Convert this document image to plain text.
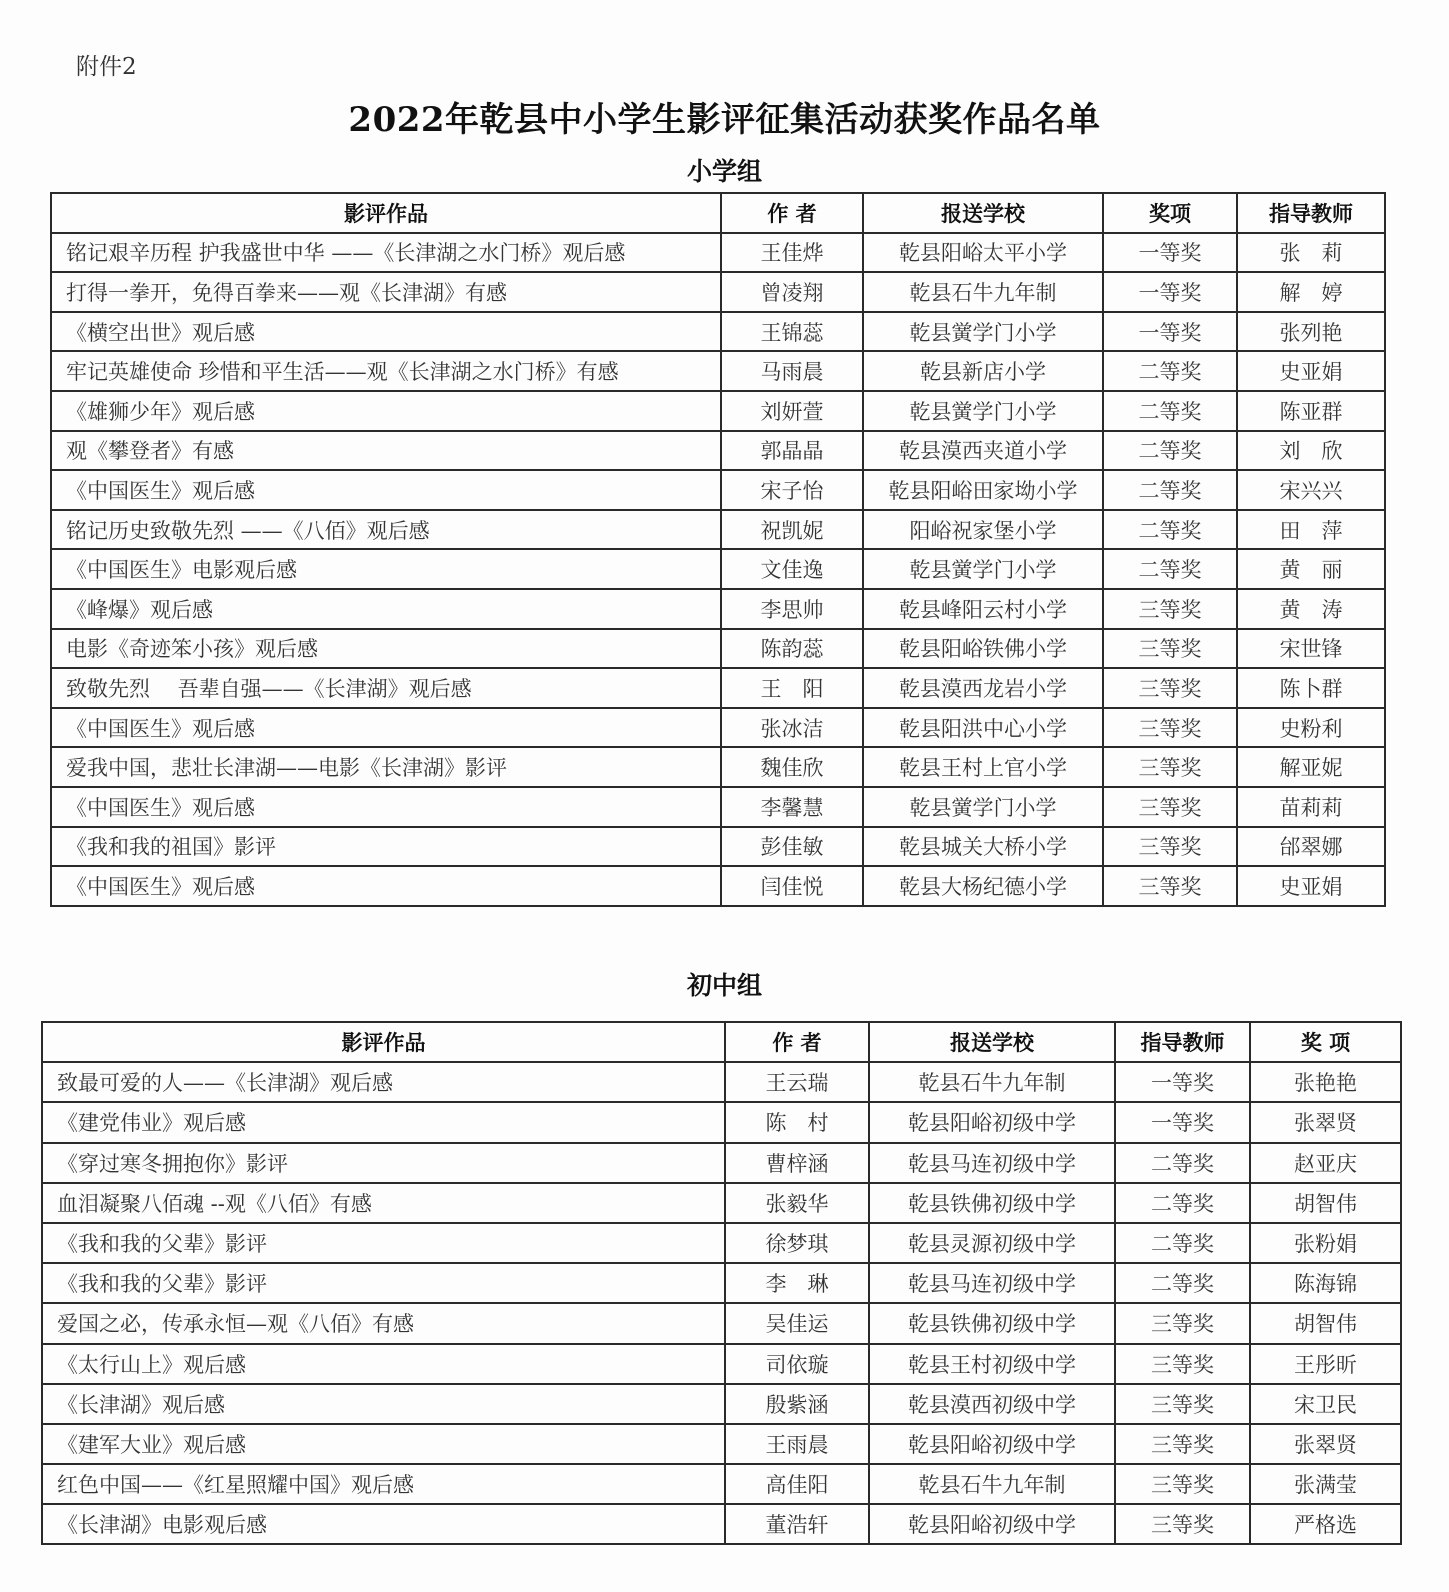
附件2
2022年乾县中小学生影评征集活动获奖作品名单
小学组
影评作品	作 者	报送学校	奖项	指导教师
铭记艰辛历程 护我盛世中华 ——《长津湖之水门桥》观后感	王佳烨	乾县阳峪太平小学	一等奖	张　莉
打得一拳开，免得百拳来——观《长津湖》有感	曾凌翔	乾县石牛九年制	一等奖	解　婷
《横空出世》观后感	王锦蕊	乾县黉学门小学	一等奖	张列艳
牢记英雄使命 珍惜和平生活——观《长津湖之水门桥》有感	马雨晨	乾县新店小学	二等奖	史亚娟
《雄狮少年》观后感	刘妍萱	乾县黉学门小学	二等奖	陈亚群
观《攀登者》有感	郭晶晶	乾县漠西夹道小学	二等奖	刘　欣
《中国医生》观后感	宋子怡	乾县阳峪田家坳小学	二等奖	宋兴兴
铭记历史致敬先烈 ——《八佰》观后感	祝凯妮	阳峪祝家堡小学	二等奖	田　萍
《中国医生》电影观后感	文佳逸	乾县黉学门小学	二等奖	黄　丽
《峰爆》观后感	李思帅	乾县峰阳云村小学	三等奖	黄　涛
电影《奇迹笨小孩》观后感	陈韵蕊	乾县阳峪铁佛小学	三等奖	宋世锋
致敬先烈　 吾辈自强——《长津湖》观后感	王　阳	乾县漠西龙岩小学	三等奖	陈卜群
《中国医生》观后感	张冰洁	乾县阳洪中心小学	三等奖	史粉利
爱我中国，悲壮长津湖——电影《长津湖》影评	魏佳欣	乾县王村上官小学	三等奖	解亚妮
《中国医生》观后感	李馨慧	乾县黉学门小学	三等奖	苗莉莉
《我和我的祖国》影评	彭佳敏	乾县城关大桥小学	三等奖	邰翠娜
《中国医生》观后感	闫佳悦	乾县大杨纪德小学	三等奖	史亚娟
初中组
影评作品	作 者	报送学校	指导教师	奖 项
致最可爱的人——《长津湖》观后感	王云瑞	乾县石牛九年制	一等奖	张艳艳
《建党伟业》观后感	陈　村	乾县阳峪初级中学	一等奖	张翠贤
《穿过寒冬拥抱你》影评	曹梓涵	乾县马连初级中学	二等奖	赵亚庆
血泪凝聚八佰魂 --观《八佰》有感	张毅华	乾县铁佛初级中学	二等奖	胡智伟
《我和我的父辈》影评	徐梦琪	乾县灵源初级中学	二等奖	张粉娟
《我和我的父辈》影评	李　琳	乾县马连初级中学	二等奖	陈海锦
爱国之必，传承永恒—观《八佰》有感	吴佳运	乾县铁佛初级中学	三等奖	胡智伟
《太行山上》观后感	司依璇	乾县王村初级中学	三等奖	王彤昕
《长津湖》观后感	殷紫涵	乾县漠西初级中学	三等奖	宋卫民
《建军大业》观后感	王雨晨	乾县阳峪初级中学	三等奖	张翠贤
红色中国——《红星照耀中国》观后感	高佳阳	乾县石牛九年制	三等奖	张满莹
《长津湖》电影观后感	董浩轩	乾县阳峪初级中学	三等奖	严格选
